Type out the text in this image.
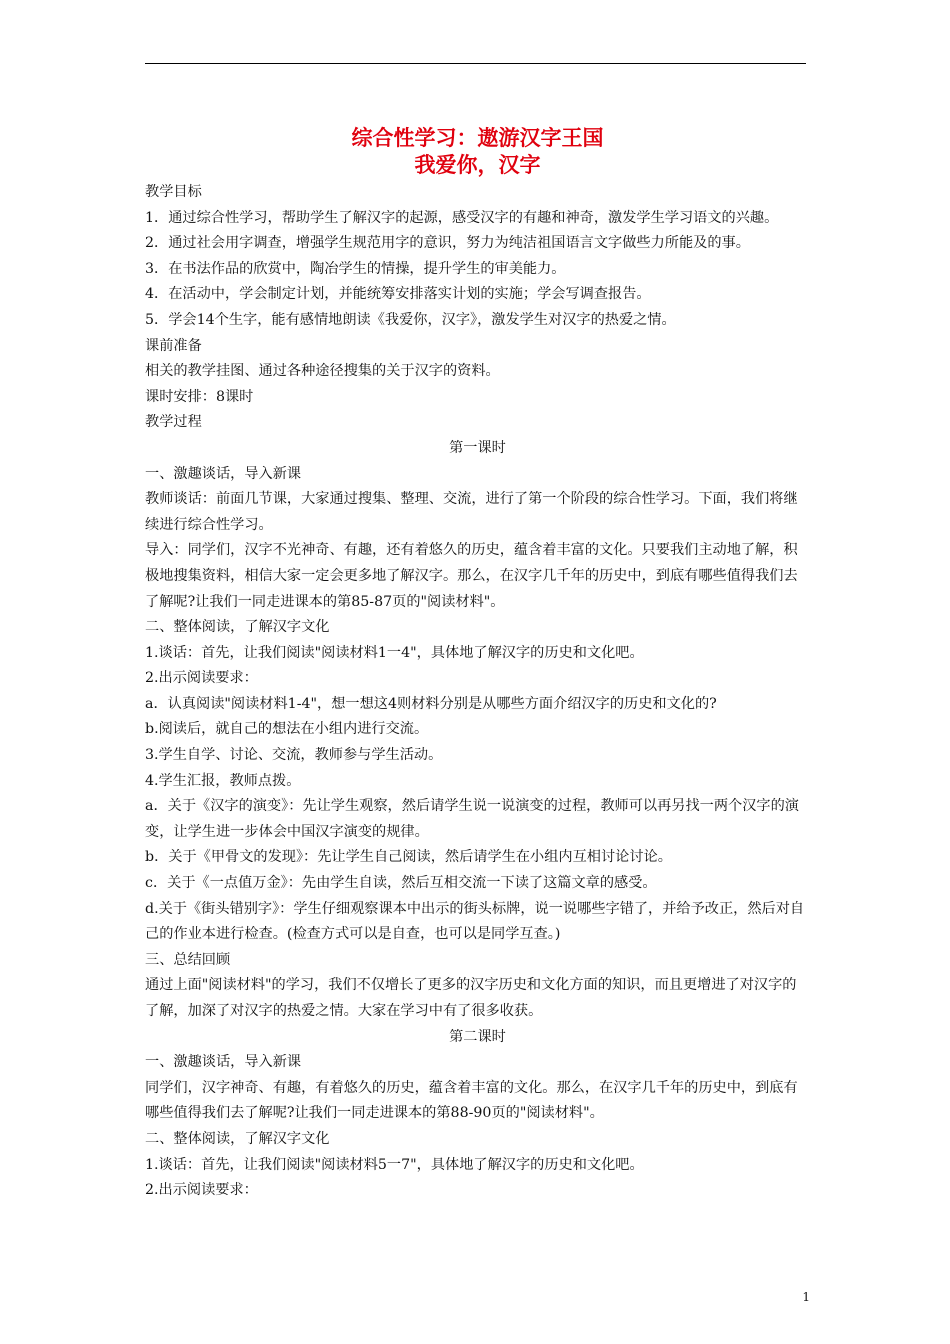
综合性学习：遨游汉字王国

我爱你，汉字

教学目标

1．通过综合性学习，帮助学生了解汉字的起源，感受汉字的有趣和神奇，激发学生学习语文的兴趣。

2．通过社会用字调查，增强学生规范用字的意识，努力为纯洁祖国语言文字做些力所能及的事。

3．在书法作品的欣赏中，陶冶学生的情操，提升学生的审美能力。

4．在活动中，学会制定计划，并能统筹安排落实计划的实施；学会写调查报告。

5．学会14个生字，能有感情地朗读《我爱你，汉字》，激发学生对汉字的热爱之情。

课前准备

相关的教学挂图、通过各种途径搜集的关于汉字的资料。

课时安排：8课时

教学过程

第一课时

一、激趣谈话，导入新课

教师谈话：前面几节课，大家通过搜集、整理、交流，进行了第一个阶段的综合性学习。下面，我们将继续进行综合性学习。

导入：同学们，汉字不光神奇、有趣，还有着悠久的历史，蕴含着丰富的文化。只要我们主动地了解，积极地搜集资料，相信大家一定会更多地了解汉字。那么，在汉字几千年的历史中，到底有哪些值得我们去了解呢?让我们一同走进课本的第85-87页的"阅读材料"。

二、整体阅读，了解汉字文化

1.谈话：首先，让我们阅读"阅读材料1一4"，具体地了解汉字的历史和文化吧。

2.出示阅读要求：

a．认真阅读"阅读材料1-4"，想一想这4则材料分别是从哪些方面介绍汉字的历史和文化的?

b.阅读后，就自己的想法在小组内进行交流。

3.学生自学、讨论、交流，教师参与学生活动。

4.学生汇报，教师点拨。

a．关于《汉字的演变》：先让学生观察，然后请学生说一说演变的过程，教师可以再另找一两个汉字的演变，让学生进一步体会中国汉字演变的规律。

b．关于《甲骨文的发现》：先让学生自己阅读，然后请学生在小组内互相讨论讨论。

c．关于《一点值万金》：先由学生自读，然后互相交流一下读了这篇文章的感受。

d.关于《街头错别字》：学生仔细观察课本中出示的街头标牌，说一说哪些字错了，并给予改正，然后对自己的作业本进行检查。(检查方式可以是自查，也可以是同学互查。)

三、总结回顾

通过上面"阅读材料"的学习，我们不仅增长了更多的汉字历史和文化方面的知识，而且更增进了对汉字的了解，加深了对汉字的热爱之情。大家在学习中有了很多收获。

第二课时

一、激趣谈话，导入新课

同学们，汉字神奇、有趣，有着悠久的历史，蕴含着丰富的文化。那么，在汉字几千年的历史中，到底有哪些值得我们去了解呢?让我们一同走进课本的第88-90页的"阅读材料"。

二、整体阅读，了解汉字文化

1.谈话：首先，让我们阅读"阅读材料5一7"，具体地了解汉字的历史和文化吧。

2.出示阅读要求：

1
